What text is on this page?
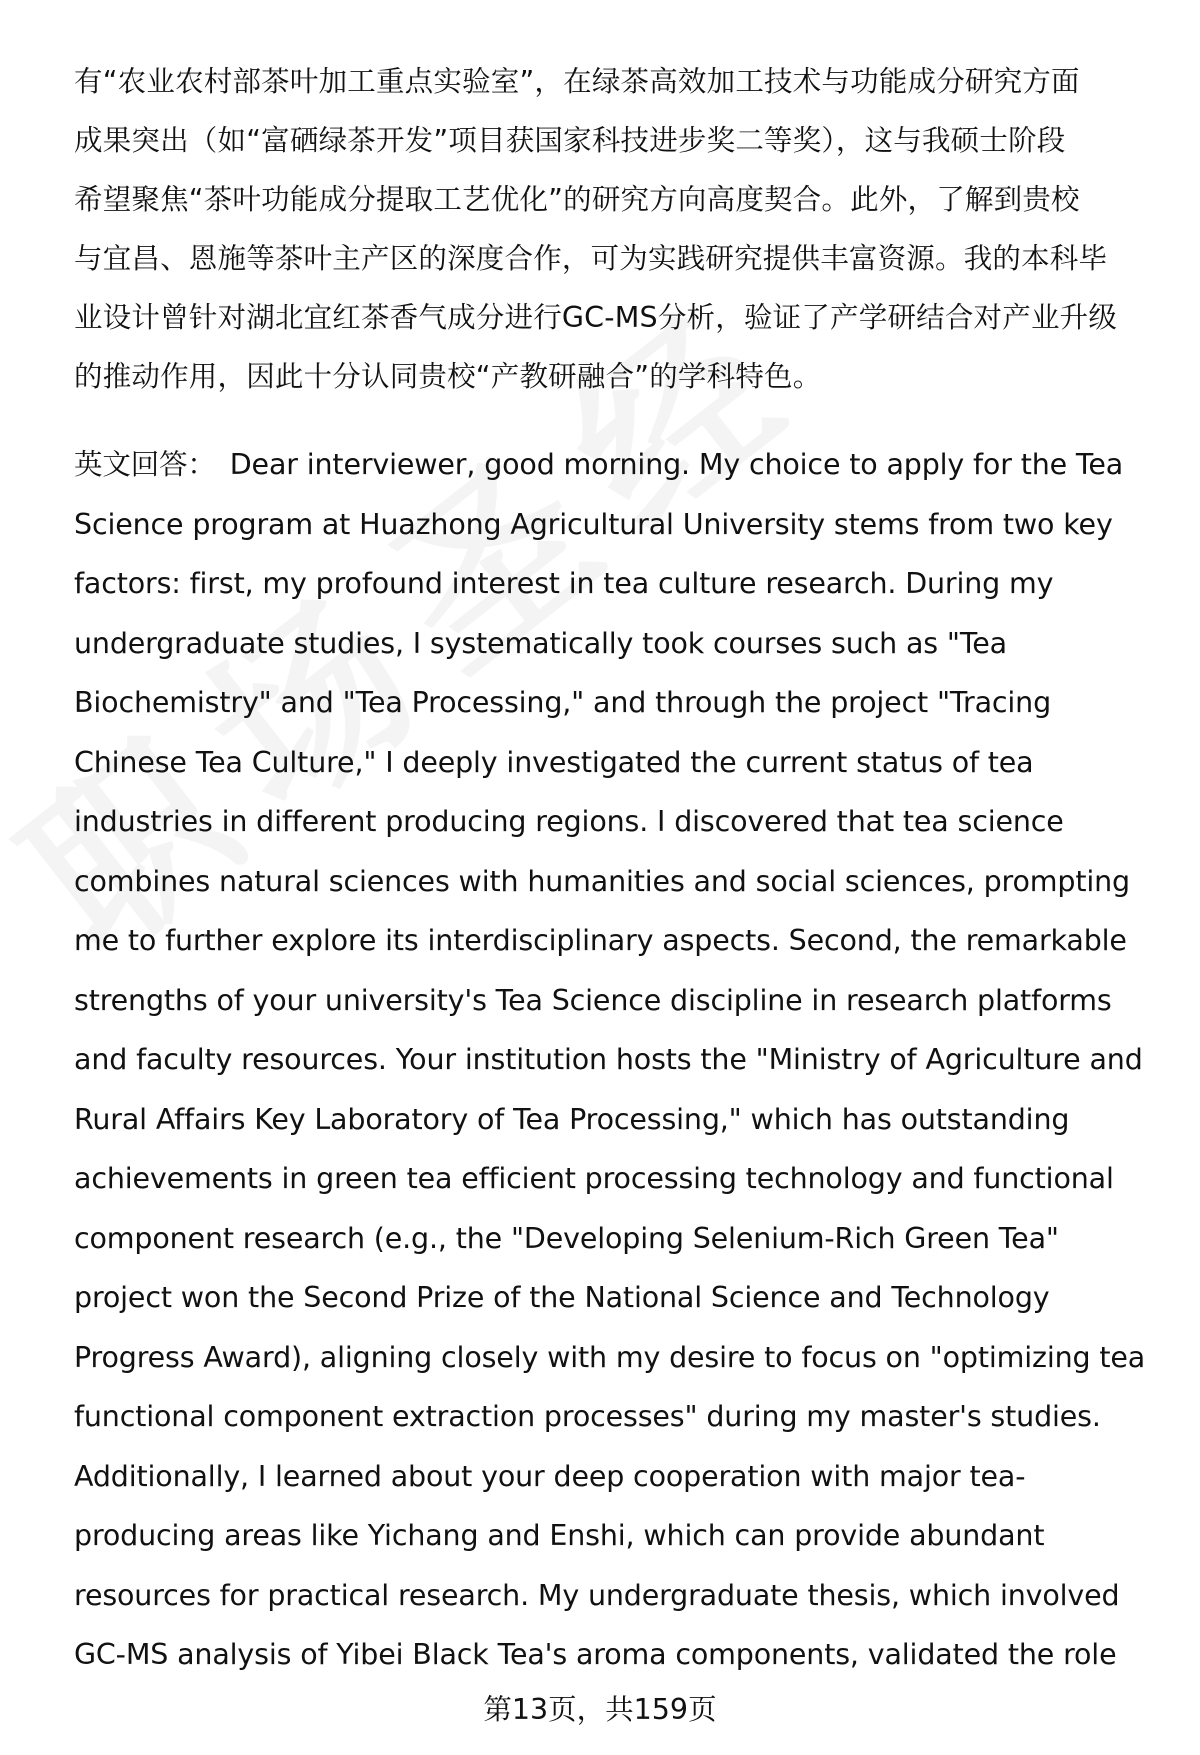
有“农业农村部茶叶加工重点实验室”，在绿茶高效加工技术与功能成分研究方面
成果突出（如“富硒绿茶开发”项目获国家科技进步奖二等奖），这与我硕士阶段
希望聚焦“茶叶功能成分提取工艺优化”的研究方向高度契合。此外，了解到贵校
与宜昌、恩施等茶叶主产区的深度合作，可为实践研究提供丰富资源。我的本科毕
业设计曾针对湖北宜红茶香气成分进行GC-MS分析，验证了产学研结合对产业升级
的推动作用，因此十分认同贵校“产教研融合”的学科特色。
英文回答： Dear interviewer, good morning. My choice to apply for the Tea
Science program at Huazhong Agricultural University stems from two key
factors: first, my profound interest in tea culture research. During my
undergraduate studies, I systematically took courses such as "Tea
Biochemistry" and "Tea Processing," and through the project "Tracing
Chinese Tea Culture," I deeply investigated the current status of tea
industries in different producing regions. I discovered that tea science
combines natural sciences with humanities and social sciences, prompting
me to further explore its interdisciplinary aspects. Second, the remarkable
strengths of your university's Tea Science discipline in research platforms
and faculty resources. Your institution hosts the "Ministry of Agriculture and
Rural Affairs Key Laboratory of Tea Processing," which has outstanding
achievements in green tea efficient processing technology and functional
component research (e.g., the "Developing Selenium-Rich Green Tea"
project won the Second Prize of the National Science and Technology
Progress Award), aligning closely with my desire to focus on "optimizing tea
functional component extraction processes" during my master's studies.
Additionally, I learned about your deep cooperation with major tea-
producing areas like Yichang and Enshi, which can provide abundant
resources for practical research. My undergraduate thesis, which involved
GC-MS analysis of Yibei Black Tea's aroma components, validated the role
第13页，共159页
